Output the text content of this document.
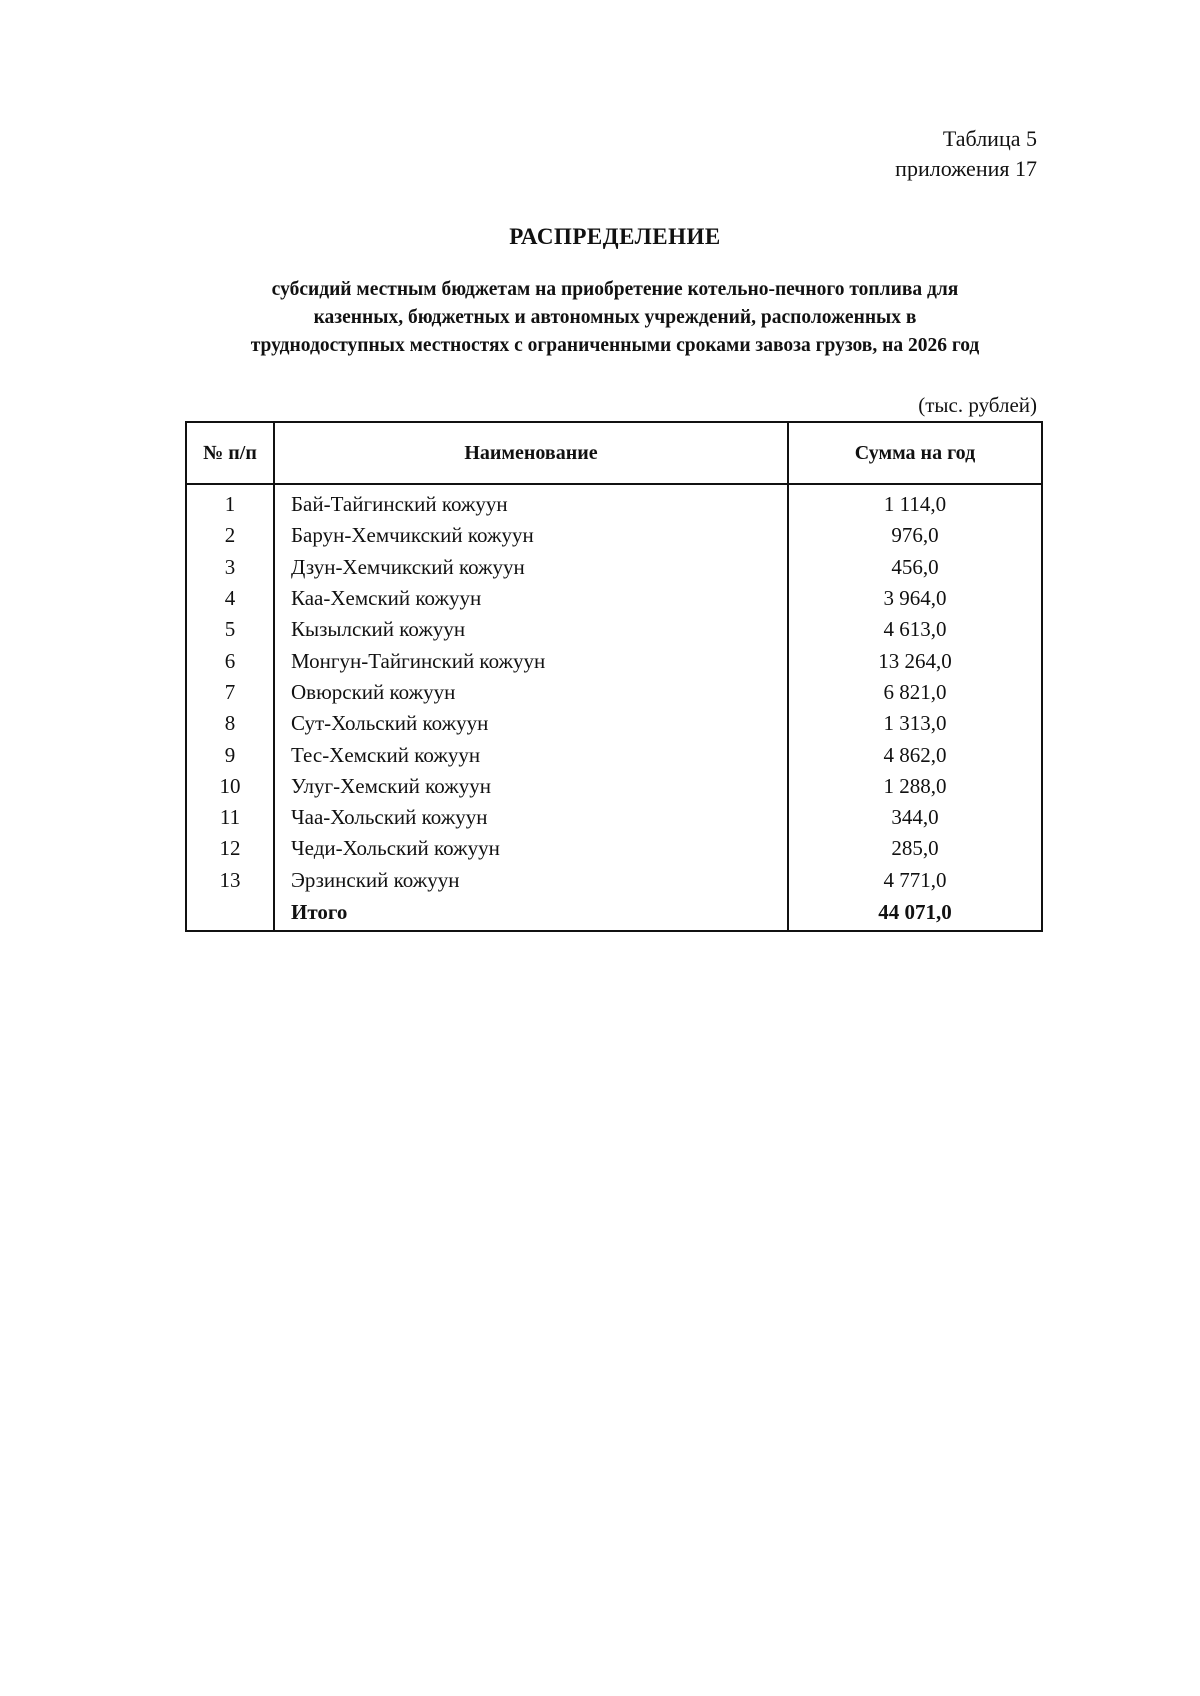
Таблица 5
приложения 17
РАСПРЕДЕЛЕНИЕ
субсидий местным бюджетам на приобретение котельно-печного топлива для
казенных, бюджетных и автономных учреждений, расположенных в
труднодоступных местностях с ограниченными сроками завоза грузов, на 2026 год
(тыс. рублей)
№ п/п	Наименование	Сумма на год
1	Бай-Тайгинский кожуун	1 114,0
2	Барун-Хемчикский кожуун	976,0
3	Дзун-Хемчикский кожуун	456,0
4	Каа-Хемский кожуун	3 964,0
5	Кызылский кожуун	4 613,0
6	Монгун-Тайгинский кожуун	13 264,0
7	Овюрский кожуун	6 821,0
8	Сут-Хольский кожуун	1 313,0
9	Тес-Хемский кожуун	4 862,0
10	Улуг-Хемский кожуун	1 288,0
11	Чаа-Хольский кожуун	344,0
12	Чеди-Хольский кожуун	285,0
13	Эрзинский кожуун	4 771,0
	Итого	44 071,0
